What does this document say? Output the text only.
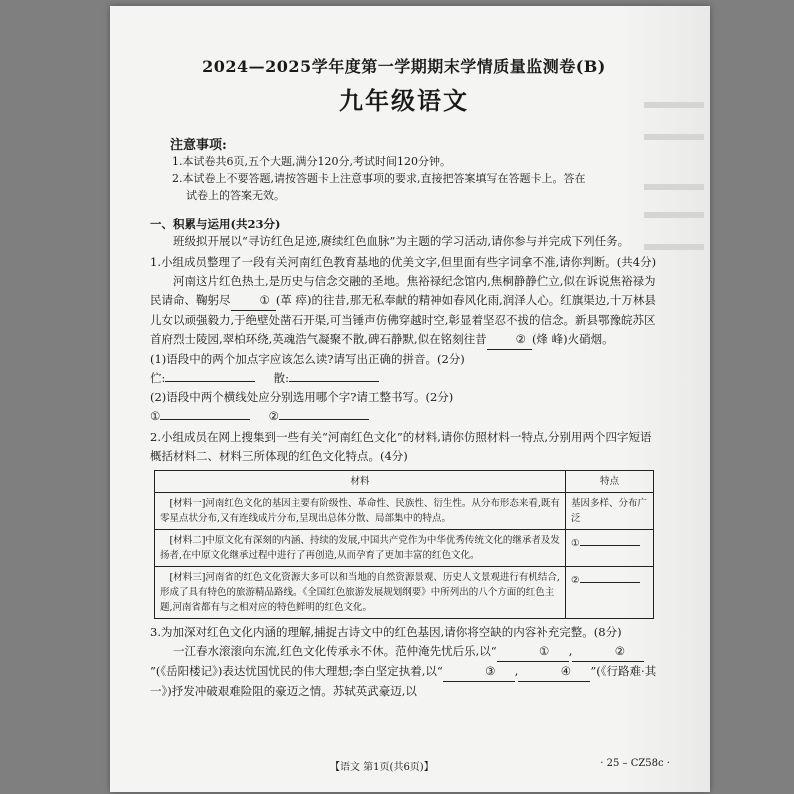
2024—2025学年度第一学期期末学情质量监测卷(B)
九年级语文
注意事项:

1.本试卷共6页,五个大题,满分120分,考试时间120分钟。

2.本试卷上不要答题,请按答题卡上注意事项的要求,直接把答案填写在答题卡上。答在

试卷上的答案无效。

一、积累与运用(共23分)

班级拟开展以“寻访红色足迹,赓续红色血脉”为主题的学习活动,请你参与并完成下列任务。

1.小组成员整理了一段有关河南红色教育基地的优美文字,但里面有些字词拿不准,请你判断。(共4分)

河南这片红色热土,是历史与信念交融的圣地。焦裕禄纪念馆内,焦桐静静伫立,似在诉说焦裕禄为民请命、鞠躬尽	① (革 瘁)的往昔,那无私奉献的精神如春风化雨,润泽人心。红旗渠边,十万林县儿女以顽强毅力,于绝壁处凿石开渠,可当锤声仿佛穿越时空,彰显着坚忍不拔的信念。新县鄂豫皖苏区首府烈士陵园,翠柏环绕,英魂浩气凝聚不散,碑石静默,似在铭刻往昔	② (烽 峰)火硝烟。

(1)语段中的两个加点字应该怎么读?请写出正确的拼音。(2分)

伫:	散:

(2)语段中两个横线处应分别选用哪个字?请工整书写。(2分)

①	②

2.小组成员在网上搜集到一些有关“河南红色文化”的材料,请你仿照材料一特点,分别用两个四字短语概括材料二、材料三所体现的红色文化特点。(4分)

材料	特点
[材料一]河南红色文化的基因主要有阶级性、革命性、民族性、衍生性。从分布形态来看,既有零星点状分布,又有连线成片分布,呈现出总体分散、局部集中的特点。	基因多样、分布广泛
[材料二]中原文化有深刻的内涵、持续的发展,中国共产党作为中华优秀传统文化的继承者及发扬者,在中原文化继承过程中进行了再创造,从而孕育了更加丰富的红色文化。	①
[材料三]河南省的红色文化资源大多可以和当地的自然资源景观、历史人文景观进行有机结合,形成了具有特色的旅游精品路线。《全国红色旅游发展规划纲要》中所列出的八个方面的红色主题,河南省都有与之相对应的特色鲜明的红色文化。	②

3.为加深对红色文化内涵的理解,捕捉古诗文中的红色基因,请你将空缺的内容补充完整。(8分)

一江春水滚滚向东流,红色文化传承永不休。范仲淹先忧后乐,以“	① ,	②”(《岳阳楼记》)表达忧国忧民的伟大理想;李白坚定执着,以“	③ ,	④ ”(《行路难·其一》)抒发冲破艰难险阻的豪迈之情。苏轼英武豪迈,以

【语文 第1页(共6页)】	· 25 – CZ58c ·
